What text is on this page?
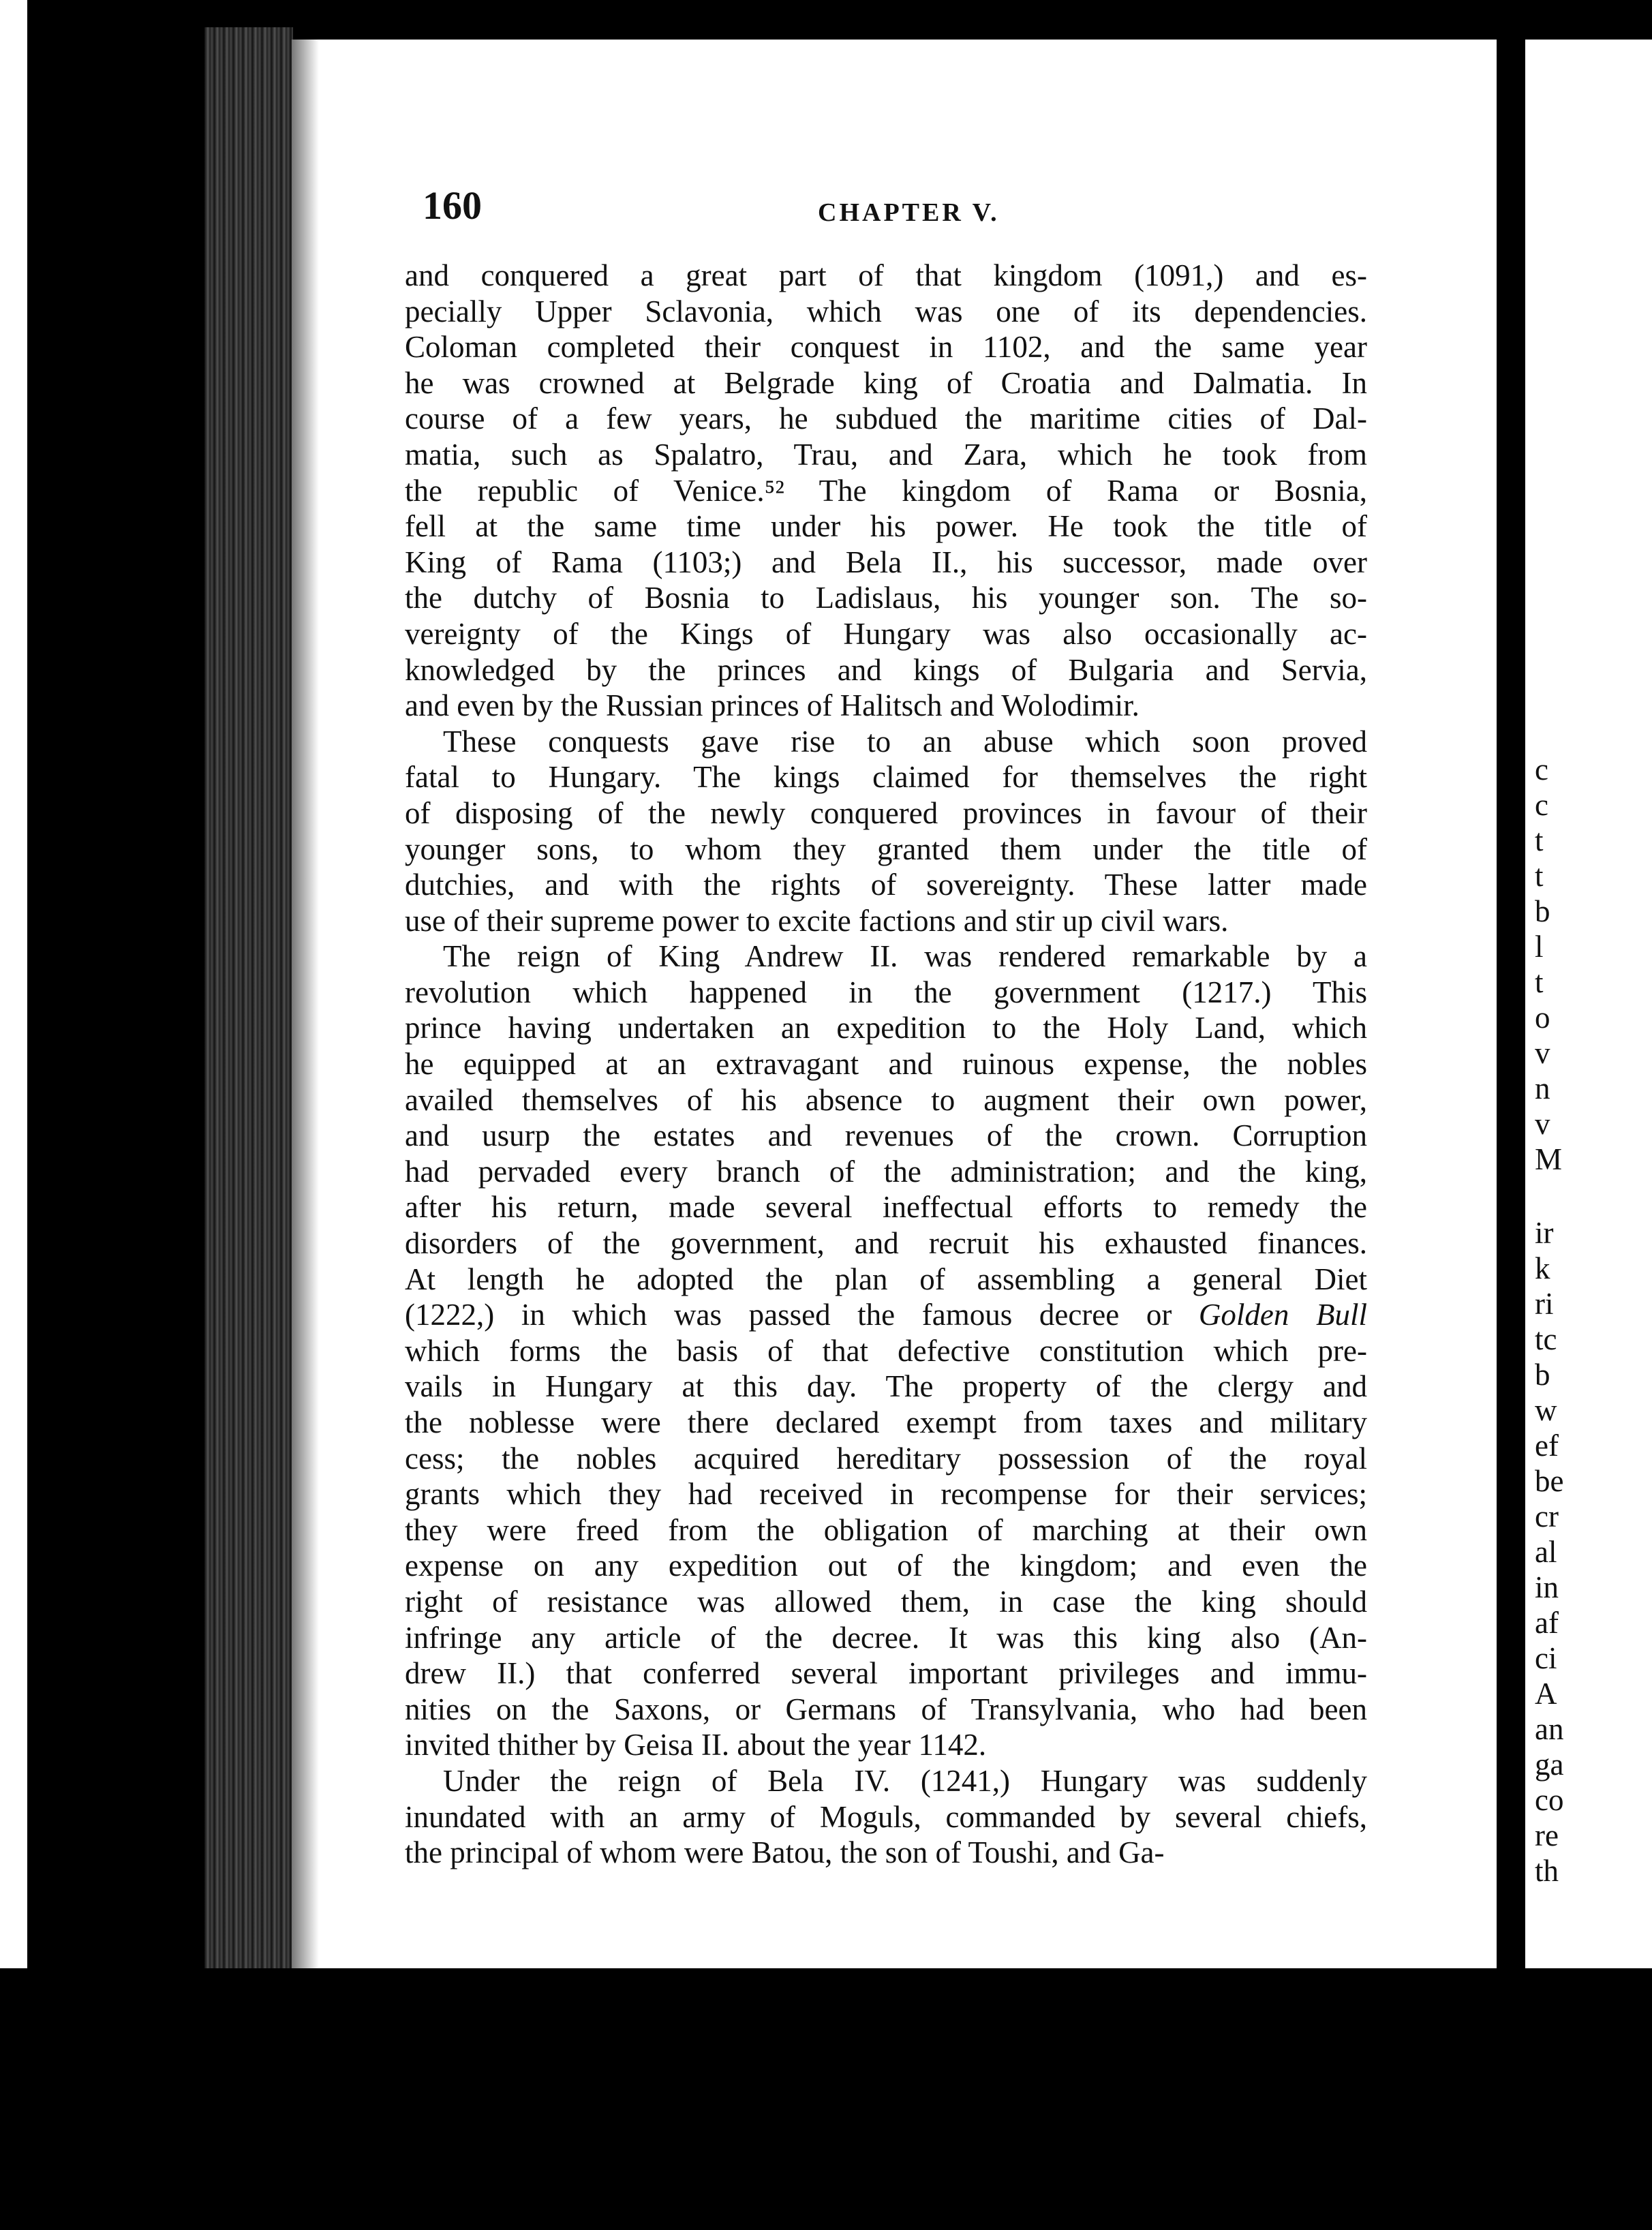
c
c
t
t
b
l
t
o
v
n
v
M
ir
k
ri
tc
b
w
ef
be
cr
al
in
af
ci
A
an
ga
co
re
th
160	CHAPTER V.
and conquered a great part of that kingdom (1091,) and es-
pecially Upper Sclavonia, which was one of its dependencies.
Coloman completed their conquest in 1102, and the same year
he was crowned at Belgrade king of Croatia and Dalmatia. In
course of a few years, he subdued the maritime cities of Dal-
matia, such as Spalatro, Trau, and Zara, which he took from
the republic of Venice.⁵² The kingdom of Rama or Bosnia,
fell at the same time under his power. He took the title of
King of Rama (1103;) and Bela II., his successor, made over
the dutchy of Bosnia to Ladislaus, his younger son. The so-
vereignty of the Kings of Hungary was also occasionally ac-
knowledged by the princes and kings of Bulgaria and Servia,
and even by the Russian princes of Halitsch and Wolodimir.
These conquests gave rise to an abuse which soon proved
fatal to Hungary. The kings claimed for themselves the right
of disposing of the newly conquered provinces in favour of their
younger sons, to whom they granted them under the title of
dutchies, and with the rights of sovereignty. These latter made
use of their supreme power to excite factions and stir up civil wars.
The reign of King Andrew II. was rendered remarkable by a
revolution which happened in the government (1217.) This
prince having undertaken an expedition to the Holy Land, which
he equipped at an extravagant and ruinous expense, the nobles
availed themselves of his absence to augment their own power,
and usurp the estates and revenues of the crown. Corruption
had pervaded every branch of the administration; and the king,
after his return, made several ineffectual efforts to remedy the
disorders of the government, and recruit his exhausted finances.
At length he adopted the plan of assembling a general Diet
(1222,) in which was passed the famous decree or Golden Bull
which forms the basis of that defective constitution which pre-
vails in Hungary at this day. The property of the clergy and
the noblesse were there declared exempt from taxes and military
cess; the nobles acquired hereditary possession of the royal
grants which they had received in recompense for their services;
they were freed from the obligation of marching at their own
expense on any expedition out of the kingdom; and even the
right of resistance was allowed them, in case the king should
infringe any article of the decree. It was this king also (An-
drew II.) that conferred several important privileges and immu-
nities on the Saxons, or Germans of Transylvania, who had been
invited thither by Geisa II. about the year 1142.
Under the reign of Bela IV. (1241,) Hungary was suddenly
inundated with an army of Moguls, commanded by several chiefs,
the principal of whom were Batou, the son of Toushi, and Ga-
